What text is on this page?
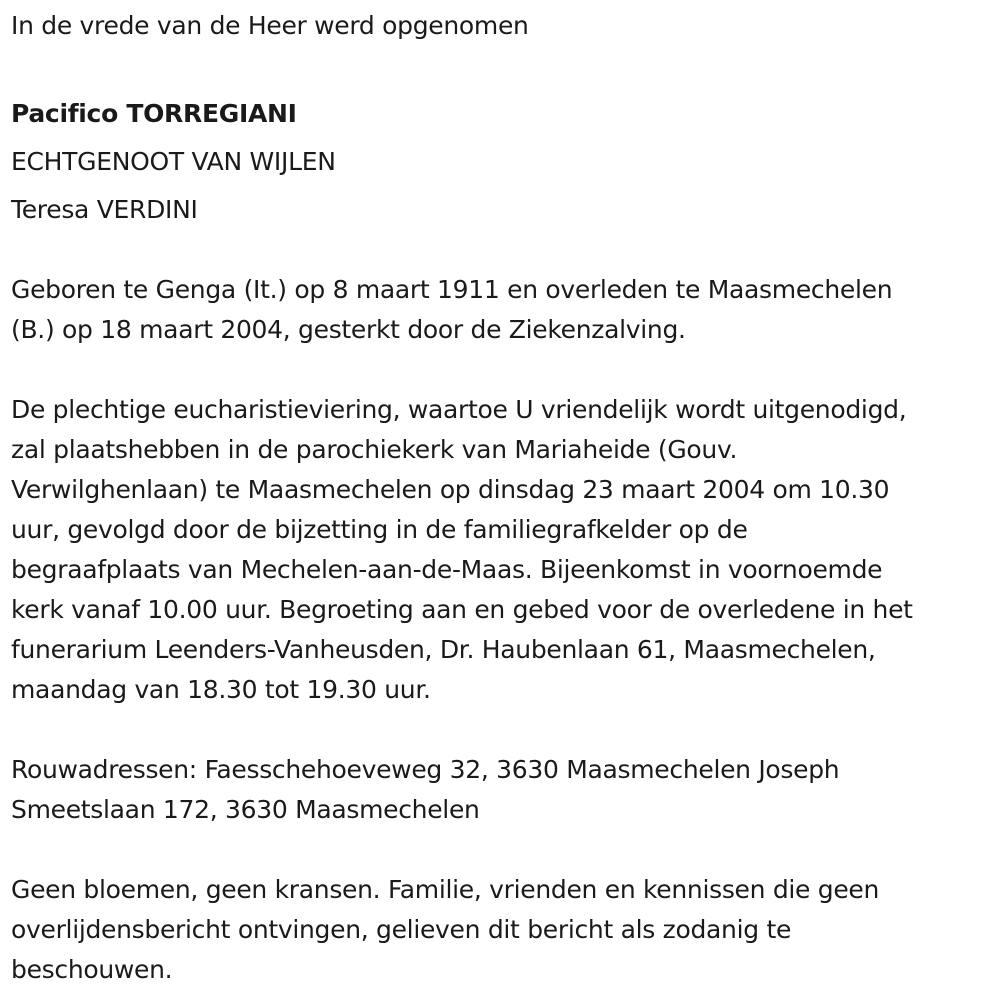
In de vrede van de Heer werd opgenomen
Pacifico TORREGIANI
ECHTGENOOT VAN WIJLEN
Teresa VERDINI

Geboren te Genga (It.) op 8 maart 1911 en overleden te Maasmechelen
(B.) op 18 maart 2004, gesterkt door de Ziekenzalving.

De plechtige eucharistieviering, waartoe U vriendelijk wordt uitgenodigd,
zal plaatshebben in de parochiekerk van Mariaheide (Gouv.
Verwilghenlaan) te Maasmechelen op dinsdag 23 maart 2004 om 10.30
uur, gevolgd door de bijzetting in de familiegrafkelder op de
begraafplaats van Mechelen-aan-de-Maas. Bijeenkomst in voornoemde
kerk vanaf 10.00 uur. Begroeting aan en gebed voor de overledene in het
funerarium Leenders-Vanheusden, Dr. Haubenlaan 61, Maasmechelen,
maandag van 18.30 tot 19.30 uur.

Rouwadressen: Faesschehoeveweg 32, 3630 Maasmechelen Joseph
Smeetslaan 172, 3630 Maasmechelen

Geen bloemen, geen kransen. Familie, vrienden en kennissen die geen
overlijdensbericht ontvingen, gelieven dit bericht als zodanig te
beschouwen.
